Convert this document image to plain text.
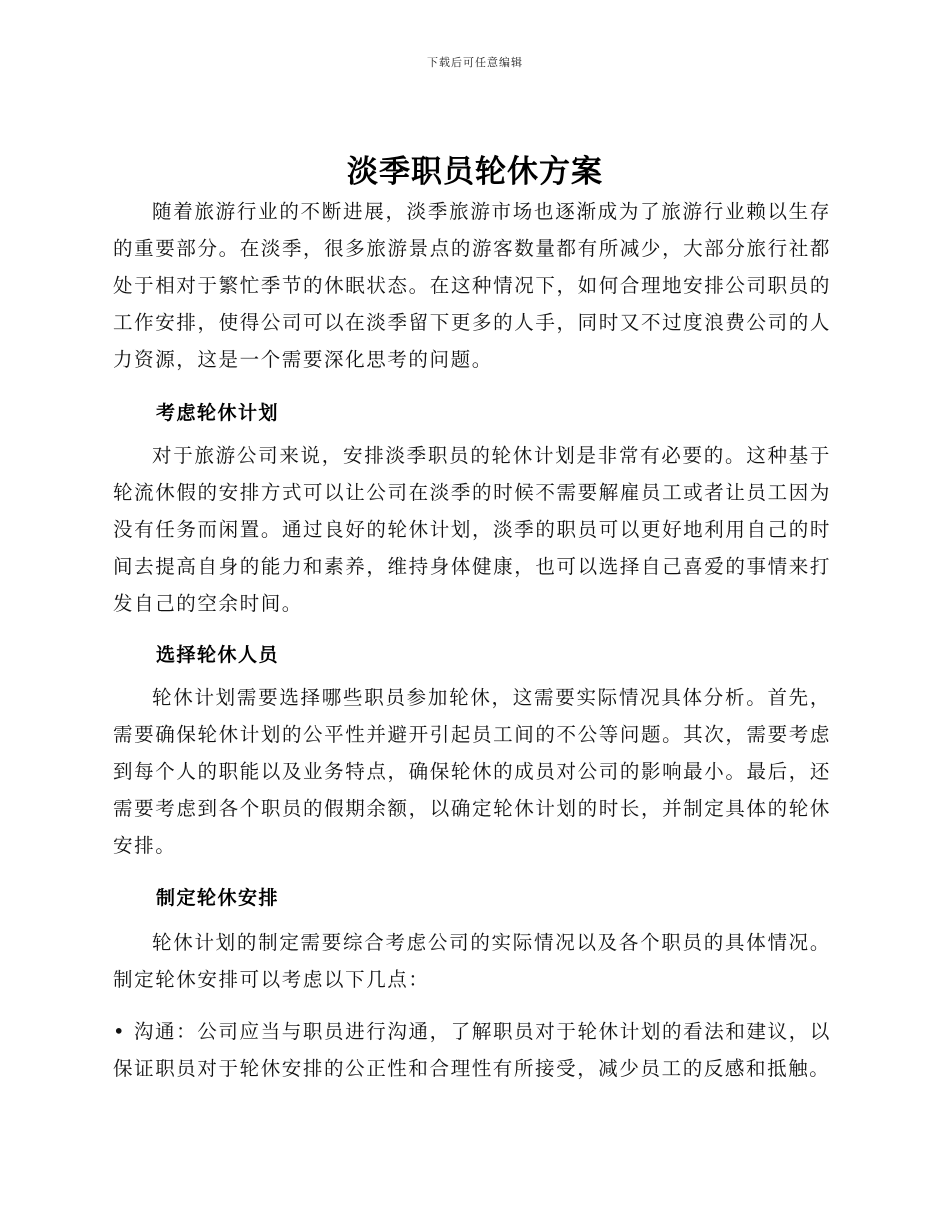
下载后可任意编辑
淡季职员轮休方案

随着旅游行业的不断进展，淡季旅游市场也逐渐成为了旅游行业赖以生存的重要部分。在淡季，很多旅游景点的游客数量都有所减少，大部分旅行社都处于相对于繁忙季节的休眠状态。在这种情况下，如何合理地安排公司职员的工作安排，使得公司可以在淡季留下更多的人手，同时又不过度浪费公司的人力资源，这是一个需要深化思考的问题。

考虑轮休计划

对于旅游公司来说，安排淡季职员的轮休计划是非常有必要的。这种基于轮流休假的安排方式可以让公司在淡季的时候不需要解雇员工或者让员工因为没有任务而闲置。通过良好的轮休计划，淡季的职员可以更好地利用自己的时间去提高自身的能力和素养，维持身体健康，也可以选择自己喜爱的事情来打发自己的空余时间。

选择轮休人员

轮休计划需要选择哪些职员参加轮休，这需要实际情况具体分析。首先，需要确保轮休计划的公平性并避开引起员工间的不公等问题。其次，需要考虑到每个人的职能以及业务特点，确保轮休的成员对公司的影响最小。最后，还需要考虑到各个职员的假期余额，以确定轮休计划的时长，并制定具体的轮休安排。

制定轮休安排

轮休计划的制定需要综合考虑公司的实际情况以及各个职员的具体情况。制定轮休安排可以考虑以下几点：

• 沟通：公司应当与职员进行沟通，了解职员对于轮休计划的看法和建议，以保证职员对于轮休安排的公正性和合理性有所接受，减少员工的反感和抵触。
